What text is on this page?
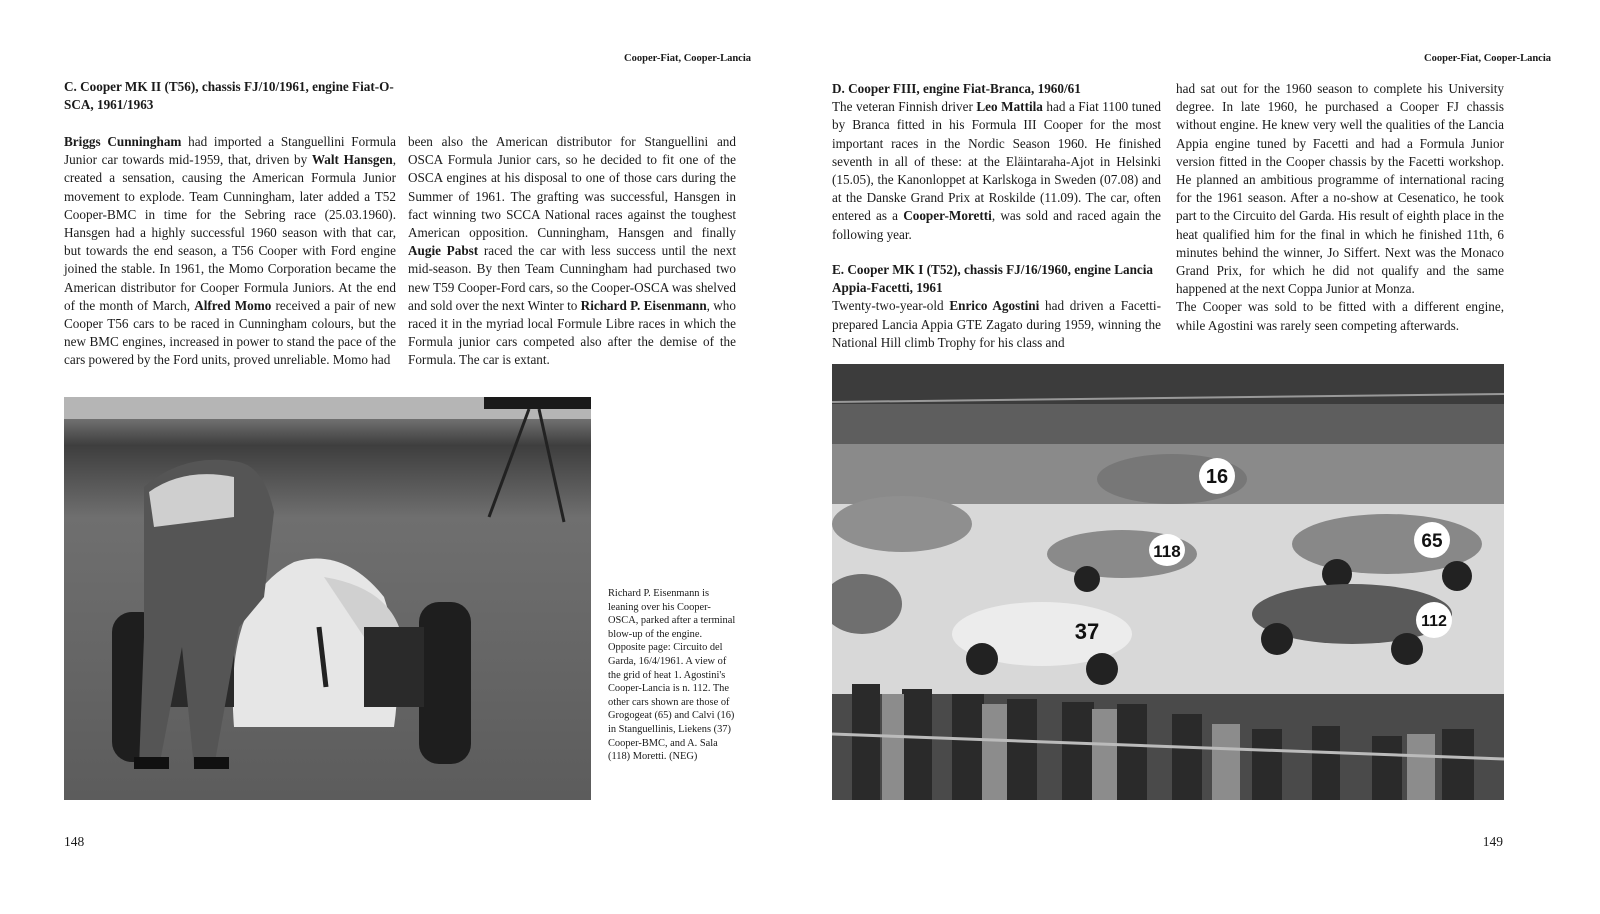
Cooper-Fiat, Cooper-Lancia

C. Cooper MK II (T56), chassis FJ/10/1961, engine Fiat-O-
SCA, 1961/1963

Briggs Cunningham had imported a Stanguellini Formula Junior car towards mid-1959, that, driven by Walt Hansgen, created a sensation, causing the American Formula Junior movement to explode. Team Cunningham, later added a T52 Cooper-BMC in time for the Sebring race (25.03.1960). Hansgen had a highly successful 1960 season with that car, but towards the end season, a T56 Cooper with Ford engine joined the stable. In 1961, the Momo Corporation became the American distributor for Cooper Formula Juniors. At the end of the month of March, Alfred Momo received a pair of new Cooper T56 cars to be raced in Cunningham colours, but the new BMC engines, increased in power to stand the pace of the cars powered by the Ford units, proved unreliable. Momo had

been also the American distributor for Stanguellini and OSCA Formula Junior cars, so he decided to fit one of the OSCA engines at his disposal to one of those cars during the Summer of 1961. The grafting was successful, Hansgen in fact winning two SCCA National races against the toughest American opposition. Cunningham, Hansgen and finally Augie Pabst raced the car with less success until the next mid-season. By then Team Cunningham had purchased two new T59 Cooper-Ford cars, so the Cooper-OSCA was shelved and sold over the next Winter to Richard P. Eisenmann, who raced it in the myriad local Formule Libre races in which the Formula junior cars competed also after the demise of the Formula. The car is extant.

Richard P. Eisenmann is leaning over his Cooper-OSCA, parked after a terminal blow-up of the engine.

Opposite page: Circuito del Garda, 16/4/1961. A view of the grid of heat 1. Agostini's Cooper-Lancia is n. 112. The other cars shown are those of Grogogeat (65) and Calvi (16) in Stanguellinis, Liekens (37) Cooper-BMC, and A. Sala (118) Moretti. (NEG)

148
Cooper-Fiat, Cooper-Lancia

D. Cooper FIII, engine Fiat-Branca, 1960/61

The veteran Finnish driver Leo Mattila had a Fiat 1100 tuned by Branca fitted in his Formula III Cooper for the most important races in the Nordic Season 1960. He finished seventh in all of these: at the Eläintaraha-Ajot in Helsinki (15.05), the Kanonloppet at Karlskoga in Sweden (07.08) and at the Danske Grand Prix at Roskilde (11.09). The car, often entered as a Cooper-Moretti, was sold and raced again the following year.

E. Cooper MK I (T52), chassis FJ/16/1960, engine Lancia Appia-Facetti, 1961

Twenty-two-year-old Enrico Agostini had driven a Facetti-prepared Lancia Appia GTE Zagato during 1959, winning the National Hill climb Trophy for his class and

had sat out for the 1960 season to complete his University degree. In late 1960, he purchased a Cooper FJ chassis without engine. He knew very well the qualities of the Lancia Appia engine tuned by Facetti and had a Formula Junior version fitted in the Cooper chassis by the Facetti workshop. He planned an ambitious programme of international racing for the 1961 season. After a no-show at Cesenatico, he took part to the Circuito del Garda. His result of eighth place in the heat qualified him for the final in which he finished 11th, 6 minutes behind the winner, Jo Siffert. Next was the Monaco Grand Prix, for which he did not qualify and the same happened at the next Coppa Junior at Monza.

The Cooper was sold to be fitted with a different engine, while Agostini was rarely seen competing afterwards.

16
118	65
37	112
149
